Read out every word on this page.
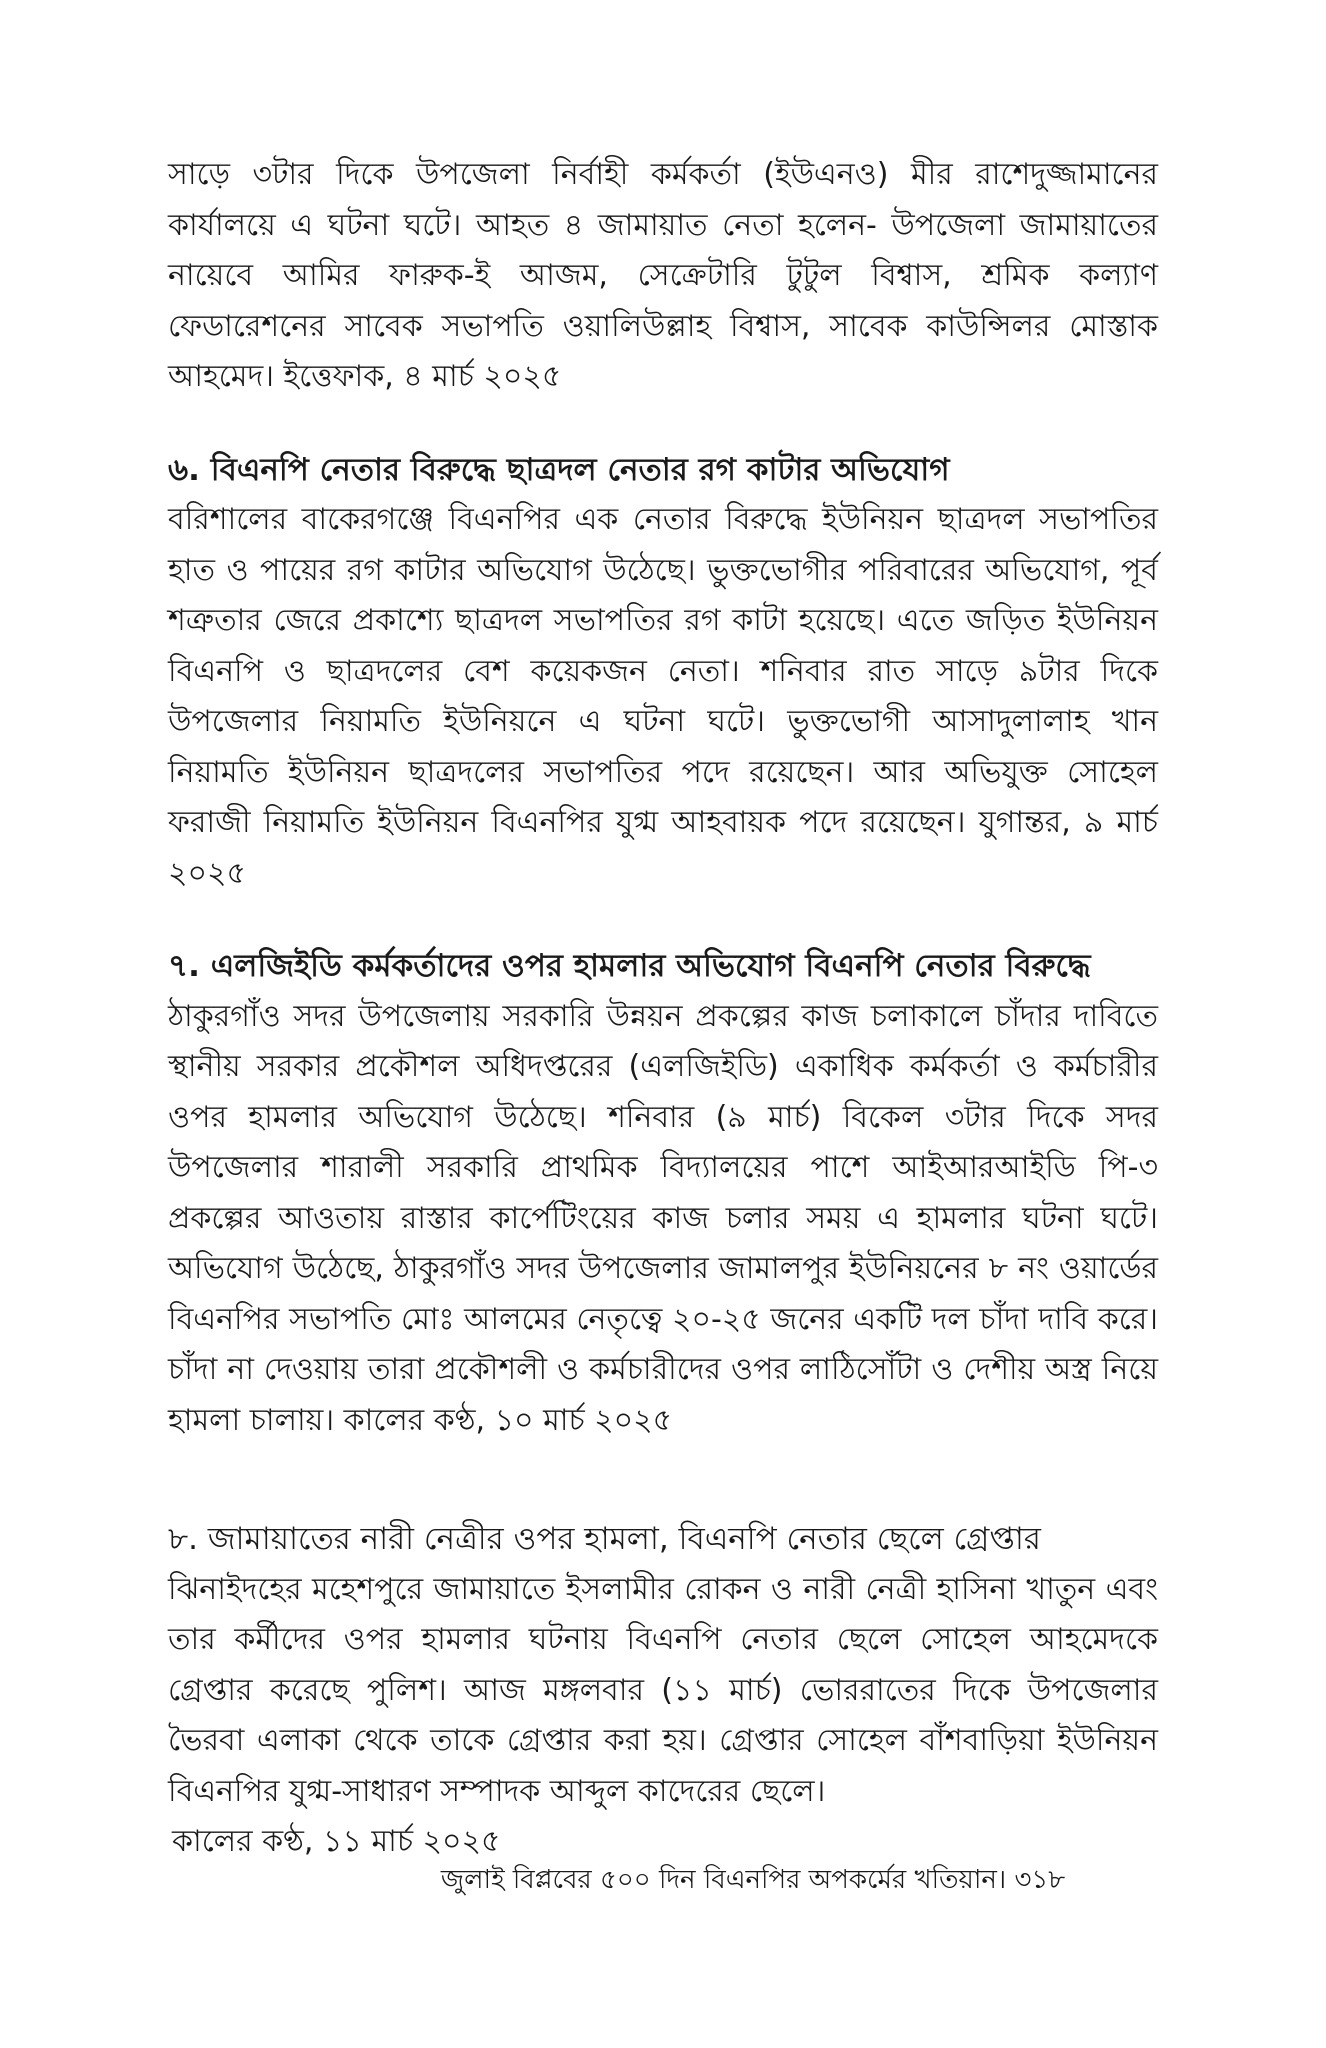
সাড়ে ৩টার দিকে উপজেলা নির্বাহী কর্মকর্তা (ইউএনও) মীর রাশেদুজ্জামানের কার্যালয়ে এ ঘটনা ঘটে। আহত ৪ জামায়াত নেতা হলেন- উপজেলা জামায়াতের নায়েবে আমির ফারুক-ই আজম, সেক্রেটারি টুটুল বিশ্বাস, শ্রমিক কল্যাণ ফেডারেশনের সাবেক সভাপতি ওয়ালিউল্লাহ বিশ্বাস, সাবেক কাউন্সিলর মোস্তাক আহমেদ। ইত্তেফাক, ৪ মার্চ ২০২৫

৬. বিএনপি নেতার বিরুদ্ধে ছাত্রদল নেতার রগ কাটার অভিযোগ

বরিশালের বাকেরগঞ্জে বিএনপির এক নেতার বিরুদ্ধে ইউনিয়ন ছাত্রদল সভাপতির হাত ও পায়ের রগ কাটার অভিযোগ উঠেছে। ভুক্তভোগীর পরিবারের অভিযোগ, পূর্ব শত্রুতার জেরে প্রকাশ্যে ছাত্রদল সভাপতির রগ কাটা হয়েছে। এতে জড়িত ইউনিয়ন বিএনপি ও ছাত্রদলের বেশ কয়েকজন নেতা। শনিবার রাত সাড়ে ৯টার দিকে উপজেলার নিয়ামতি ইউনিয়নে এ ঘটনা ঘটে। ভুক্তভোগী আসাদুলালাহ খান নিয়ামতি ইউনিয়ন ছাত্রদলের সভাপতির পদে রয়েছেন। আর অভিযুক্ত সোহেল ফরাজী নিয়ামতি ইউনিয়ন বিএনপির যুগ্ম আহবায়ক পদে রয়েছেন। যুগান্তর, ৯ মার্চ ২০২৫

৭. এলজিইডি কর্মকর্তাদের ওপর হামলার অভিযোগ বিএনপি নেতার বিরুদ্ধে

ঠাকুরগাঁও সদর উপজেলায় সরকারি উন্নয়ন প্রকল্পের কাজ চলাকালে চাঁদার দাবিতে স্থানীয় সরকার প্রকৌশল অধিদপ্তরের (এলজিইডি) একাধিক কর্মকর্তা ও কর্মচারীর ওপর হামলার অভিযোগ উঠেছে। শনিবার (৯ মার্চ) বিকেল ৩টার দিকে সদর উপজেলার শারালী সরকারি প্রাথমিক বিদ্যালয়ের পাশে আইআরআইডি পি-৩ প্রকল্পের আওতায় রাস্তার কার্পেটিংয়ের কাজ চলার সময় এ হামলার ঘটনা ঘটে। অভিযোগ উঠেছে, ঠাকুরগাঁও সদর উপজেলার জামালপুর ইউনিয়নের ৮ নং ওয়ার্ডের বিএনপির সভাপতি মোঃ আলমের নেতৃত্বে ২০-২৫ জনের একটি দল চাঁদা দাবি করে। চাঁদা না দেওয়ায় তারা প্রকৌশলী ও কর্মচারীদের ওপর লাঠিসোঁটা ও দেশীয় অস্ত্র নিয়ে হামলা চালায়। কালের কণ্ঠ, ১০ মার্চ ২০২৫

৮. জামায়াতের নারী নেত্রীর ওপর হামলা, বিএনপি নেতার ছেলে গ্রেপ্তার

ঝিনাইদহের মহেশপুরে জামায়াতে ইসলামীর রোকন ও নারী নেত্রী হাসিনা খাতুন এবং তার কর্মীদের ওপর হামলার ঘটনায় বিএনপি নেতার ছেলে সোহেল আহমেদকে গ্রেপ্তার করেছে পুলিশ। আজ মঙ্গলবার (১১ মার্চ) ভোররাতের দিকে উপজেলার ভৈরবা এলাকা থেকে তাকে গ্রেপ্তার করা হয়। গ্রেপ্তার সোহেল বাঁশবাড়িয়া ইউনিয়ন বিএনপির যুগ্ম-সাধারণ সম্পাদক আব্দুল কাদেরের ছেলে।

কালের কণ্ঠ, ১১ মার্চ ২০২৫

জুলাই বিপ্লবের ৫০০ দিন বিএনপির অপকর্মের খতিয়ান। ৩১৮
